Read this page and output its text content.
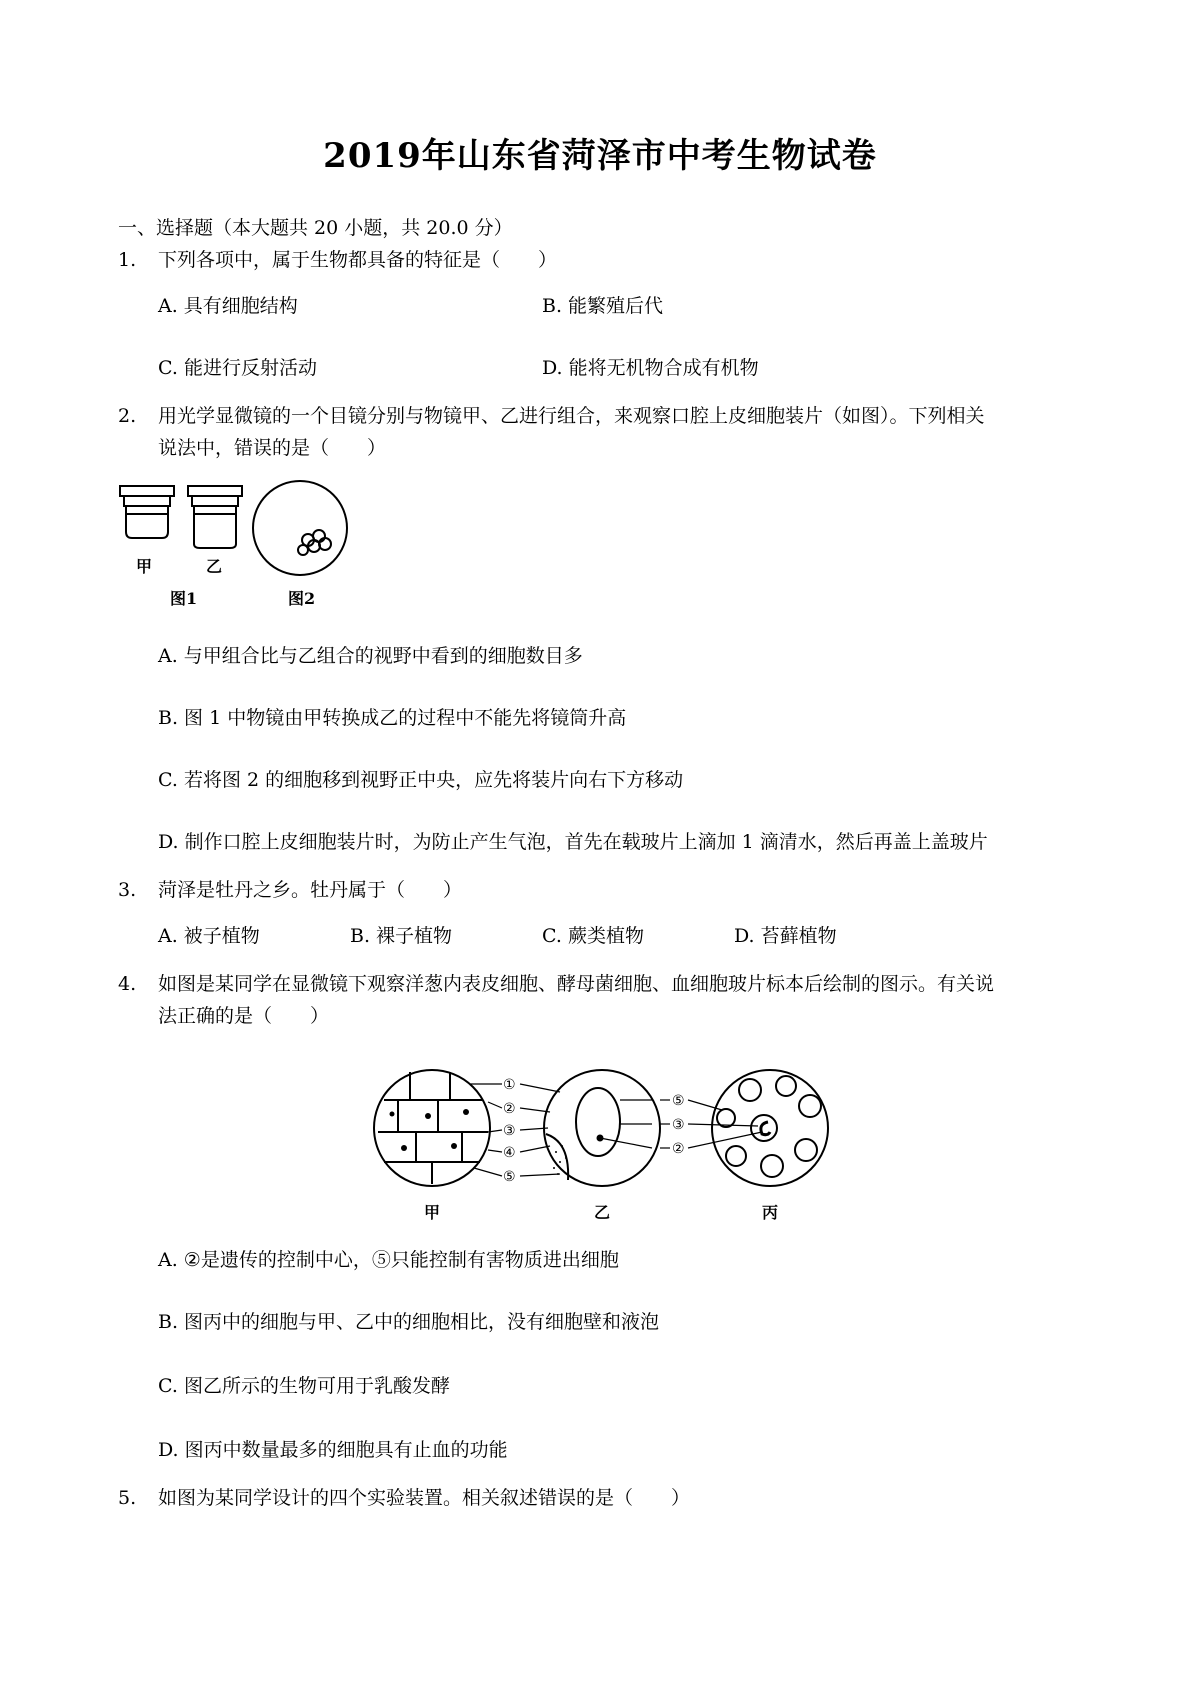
2019年山东省菏泽市中考生物试卷
一、选择题（本大题共 20 小题，共 20.0 分）
1. 下列各项中，属于生物都具备的特征是（　　）
A. 具有细胞结构	B. 能繁殖后代
C. 能进行反射活动	D. 能将无机物合成有机物
2. 用光学显微镜的一个目镜分别与物镜甲、乙进行组合，来观察口腔上皮细胞装片（如图）。下列相关
说法中，错误的是（　　）
甲	乙
图1	图2
A. 与甲组合比与乙组合的视野中看到的细胞数目多
B. 图 1 中物镜由甲转换成乙的过程中不能先将镜筒升高
C. 若将图 2 的细胞移到视野正中央，应先将装片向右下方移动
D. 制作口腔上皮细胞装片时，为防止产生气泡，首先在载玻片上滴加 1 滴清水，然后再盖上盖玻片
3. 菏泽是牡丹之乡。牡丹属于（　　）
A. 被子植物	B. 裸子植物	C. 蕨类植物	D. 苔藓植物
4. 如图是某同学在显微镜下观察洋葱内表皮细胞、酵母菌细胞、血细胞玻片标本后绘制的图示。有关说
法正确的是（　　）
①
②
③
④
⑤
⑤
③
②
甲	乙	丙
A. ②是遗传的控制中心，⑤只能控制有害物质进出细胞
B. 图丙中的细胞与甲、乙中的细胞相比，没有细胞壁和液泡
C. 图乙所示的生物可用于乳酸发酵
D. 图丙中数量最多的细胞具有止血的功能
5. 如图为某同学设计的四个实验装置。相关叙述错误的是（　　）
